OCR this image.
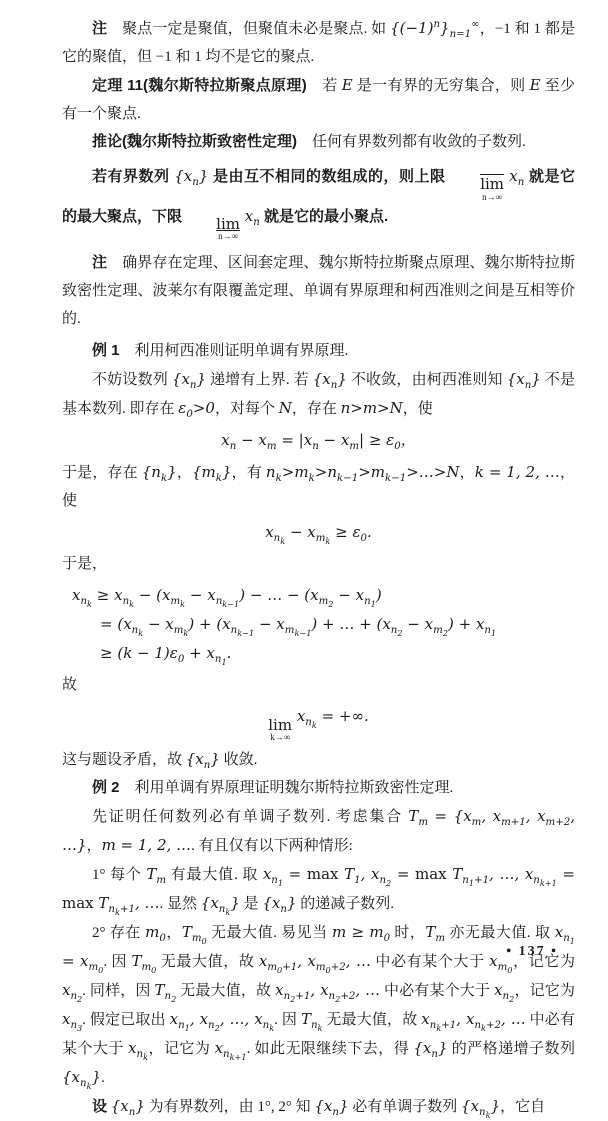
注　聚点一定是聚值，但聚值未必是聚点. 如 $\{(-1)^n\}_{n=1}^\infty$，−1 和 1 都是它的聚值，但 −1 和 1 均不是它的聚点.

定理 11(魏尔斯特拉斯聚点原理)　若 E 是一有界的无穷集合，则 E 至少有一个聚点.

推论(魏尔斯特拉斯致密性定理)　任何有界数列都有收敛的子数列.

若有界数列 $\{x_n\}$ 是由互不相同的数组成的，则上限	$\overline{lim}$
n→∞
$x_n$ 就是它的最大聚点，下限	lim
n→∞
$x_n$ 就是它的最小聚点.

注　确界存在定理、区间套定理、魏尔斯特拉斯聚点原理、魏尔斯特拉斯致密性定理、波莱尔有限覆盖定理、单调有界原理和柯西准则之间是互相等价的.

例 1　利用柯西准则证明单调有界原理.

不妨设数列 $\{x_n\}$ 递增有上界. 若 $\{x_n\}$ 不收敛，由柯西准则知 $\{x_n\}$ 不是基本数列. 即存在 $\varepsilon_0>0$，对每个 N，存在 n>m>N，使

$x_n - x_m = |x_n - x_m| \ge \varepsilon_0$，

于是，存在 $\{n_k\}$，$\{m_k\}$，有 $n_k>m_k>n_{k-1}>m_{k-1}>\dots>N$，k = 1, 2, …，使

$x_{n_k} - x_{m_k} \ge \varepsilon_0$.

于是，

$x_{n_k} \ge x_{n_k} - (x_{m_k} - x_{n_{k-1}})$ − … − $(x_{m_2} - x_{n_1})$
= $(x_{n_k} - x_{m_k}) + (x_{n_{k-1}} - x_{m_{k-1}})$ + … + $(x_{n_2} - x_{m_2}) + x_{n_1}$
≥ $(k - 1)\varepsilon_0 + x_{n_1}$.

故

lim
k→∞
$x_{n_k}$ = +∞.

这与题设矛盾，故 $\{x_n\}$ 收敛.

例 2　利用单调有界原理证明魏尔斯特拉斯致密性定理.

先证明任何数列必有单调子数列. 考虑集合 $T_m = \{x_m$, $x_{m+1}$, $x_{m+2}$, …}，m = 1, 2, …. 有且仅有以下两种情形:

1° 每个 $T_m$ 有最大值. 取 $x_{n_1} = \max T_1$, $x_{n_2} = \max T_{n_1+1}$, …, $x_{n_{k+1}} = \max T_{n_k+1}$, …. 显然 $\{x_{n_k}\}$ 是 $\{x_n\}$ 的递减子数列.

2° 存在 $m_0$，$T_{m_0}$ 无最大值. 易见当 $m \ge m_0$ 时，$T_m$ 亦无最大值. 取 $x_{n_1} = x_{m_0}$. 因 $T_{m_0}$ 无最大值，故 $x_{m_0+1}$, $x_{m_0+2}$, … 中必有某个大于 $x_{m_0}$，记它为 $x_{n_2}$. 同样，因 $T_{n_2}$ 无最大值，故 $x_{n_2+1}$, $x_{n_2+2}$, … 中必有某个大于 $x_{n_2}$，记它为 $x_{n_3}$. 假定已取出 $x_{n_1}$, $x_{n_2}$, …, $x_{n_k}$. 因 $T_{n_k}$ 无最大值，故 $x_{n_k+1}$, $x_{n_k+2}$, … 中必有某个大于 $x_{n_k}$，记它为 $x_{n_{k+1}}$. 如此无限继续下去，得 $\{x_n\}$ 的严格递增子数列 $\{x_{n_k}\}$.

设 $\{x_n\}$ 为有界数列，由 1°, 2° 知 $\{x_n\}$ 必有单调子数列 $\{x_{n_k}\}$，它自

• 137 •
